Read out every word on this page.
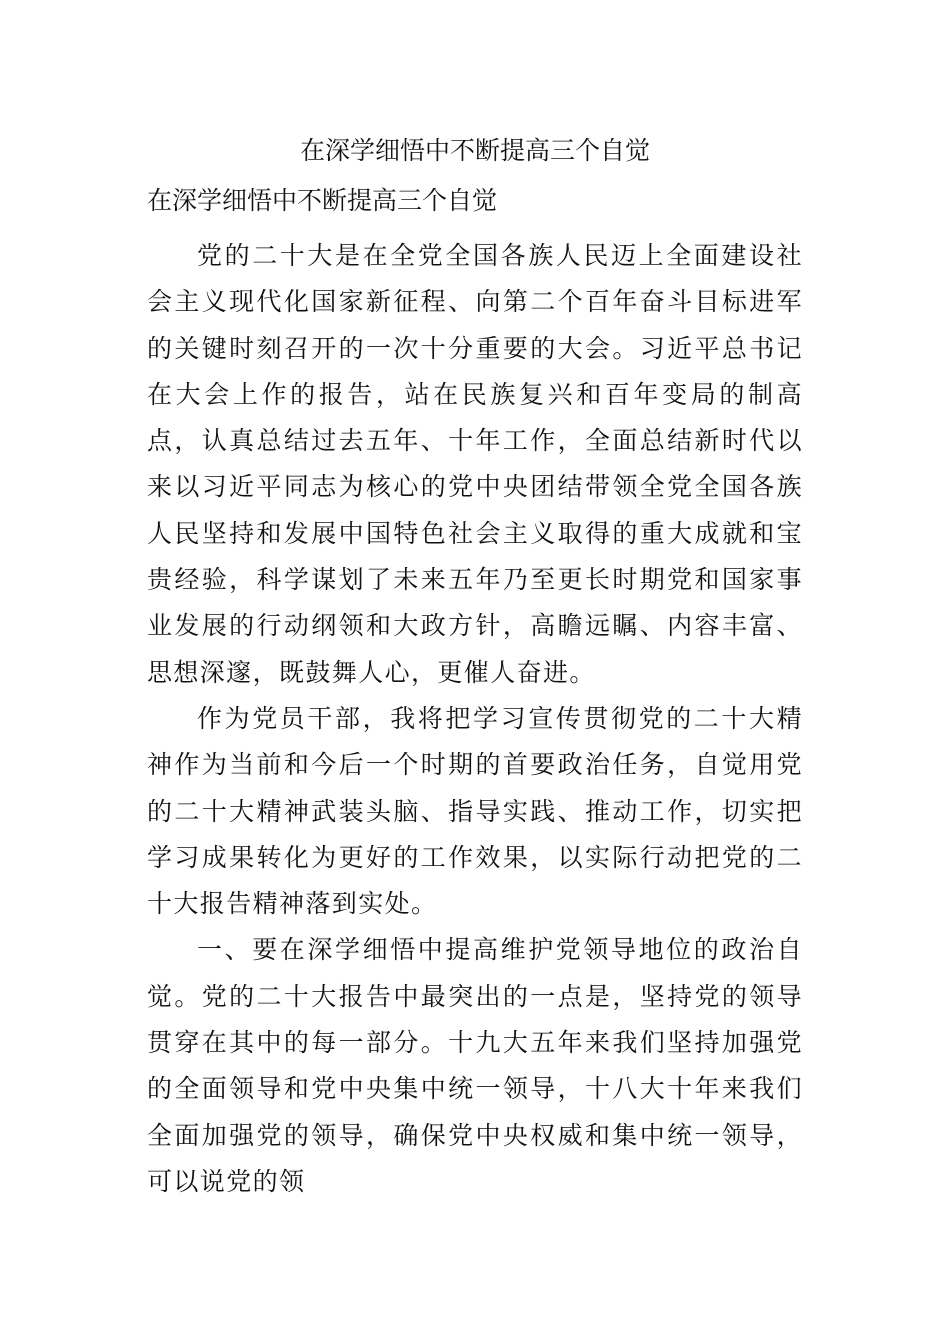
在深学细悟中不断提高三个自觉
在深学细悟中不断提高三个自觉

党的二十大是在全党全国各族人民迈上全面建设社会主义现代化国家新征程、向第二个百年奋斗目标进军的关键时刻召开的一次十分重要的大会。习近平总书记在大会上作的报告，站在民族复兴和百年变局的制高点，认真总结过去五年、十年工作，全面总结新时代以来以习近平同志为核心的党中央团结带领全党全国各族人民坚持和发展中国特色社会主义取得的重大成就和宝贵经验，科学谋划了未来五年乃至更长时期党和国家事业发展的行动纲领和大政方针，高瞻远瞩、内容丰富、思想深邃，既鼓舞人心，更催人奋进。

作为党员干部，我将把学习宣传贯彻党的二十大精神作为当前和今后一个时期的首要政治任务，自觉用党的二十大精神武装头脑、指导实践、推动工作，切实把学习成果转化为更好的工作效果，以实际行动把党的二十大报告精神落到实处。

一、要在深学细悟中提高维护党领导地位的政治自觉。党的二十大报告中最突出的一点是，坚持党的领导贯穿在其中的每一部分。十九大五年来我们坚持加强党的全面领导和党中央集中统一领导，十八大十年来我们全面加强党的领导，确保党中央权威和集中统一领导，可以说党的领
